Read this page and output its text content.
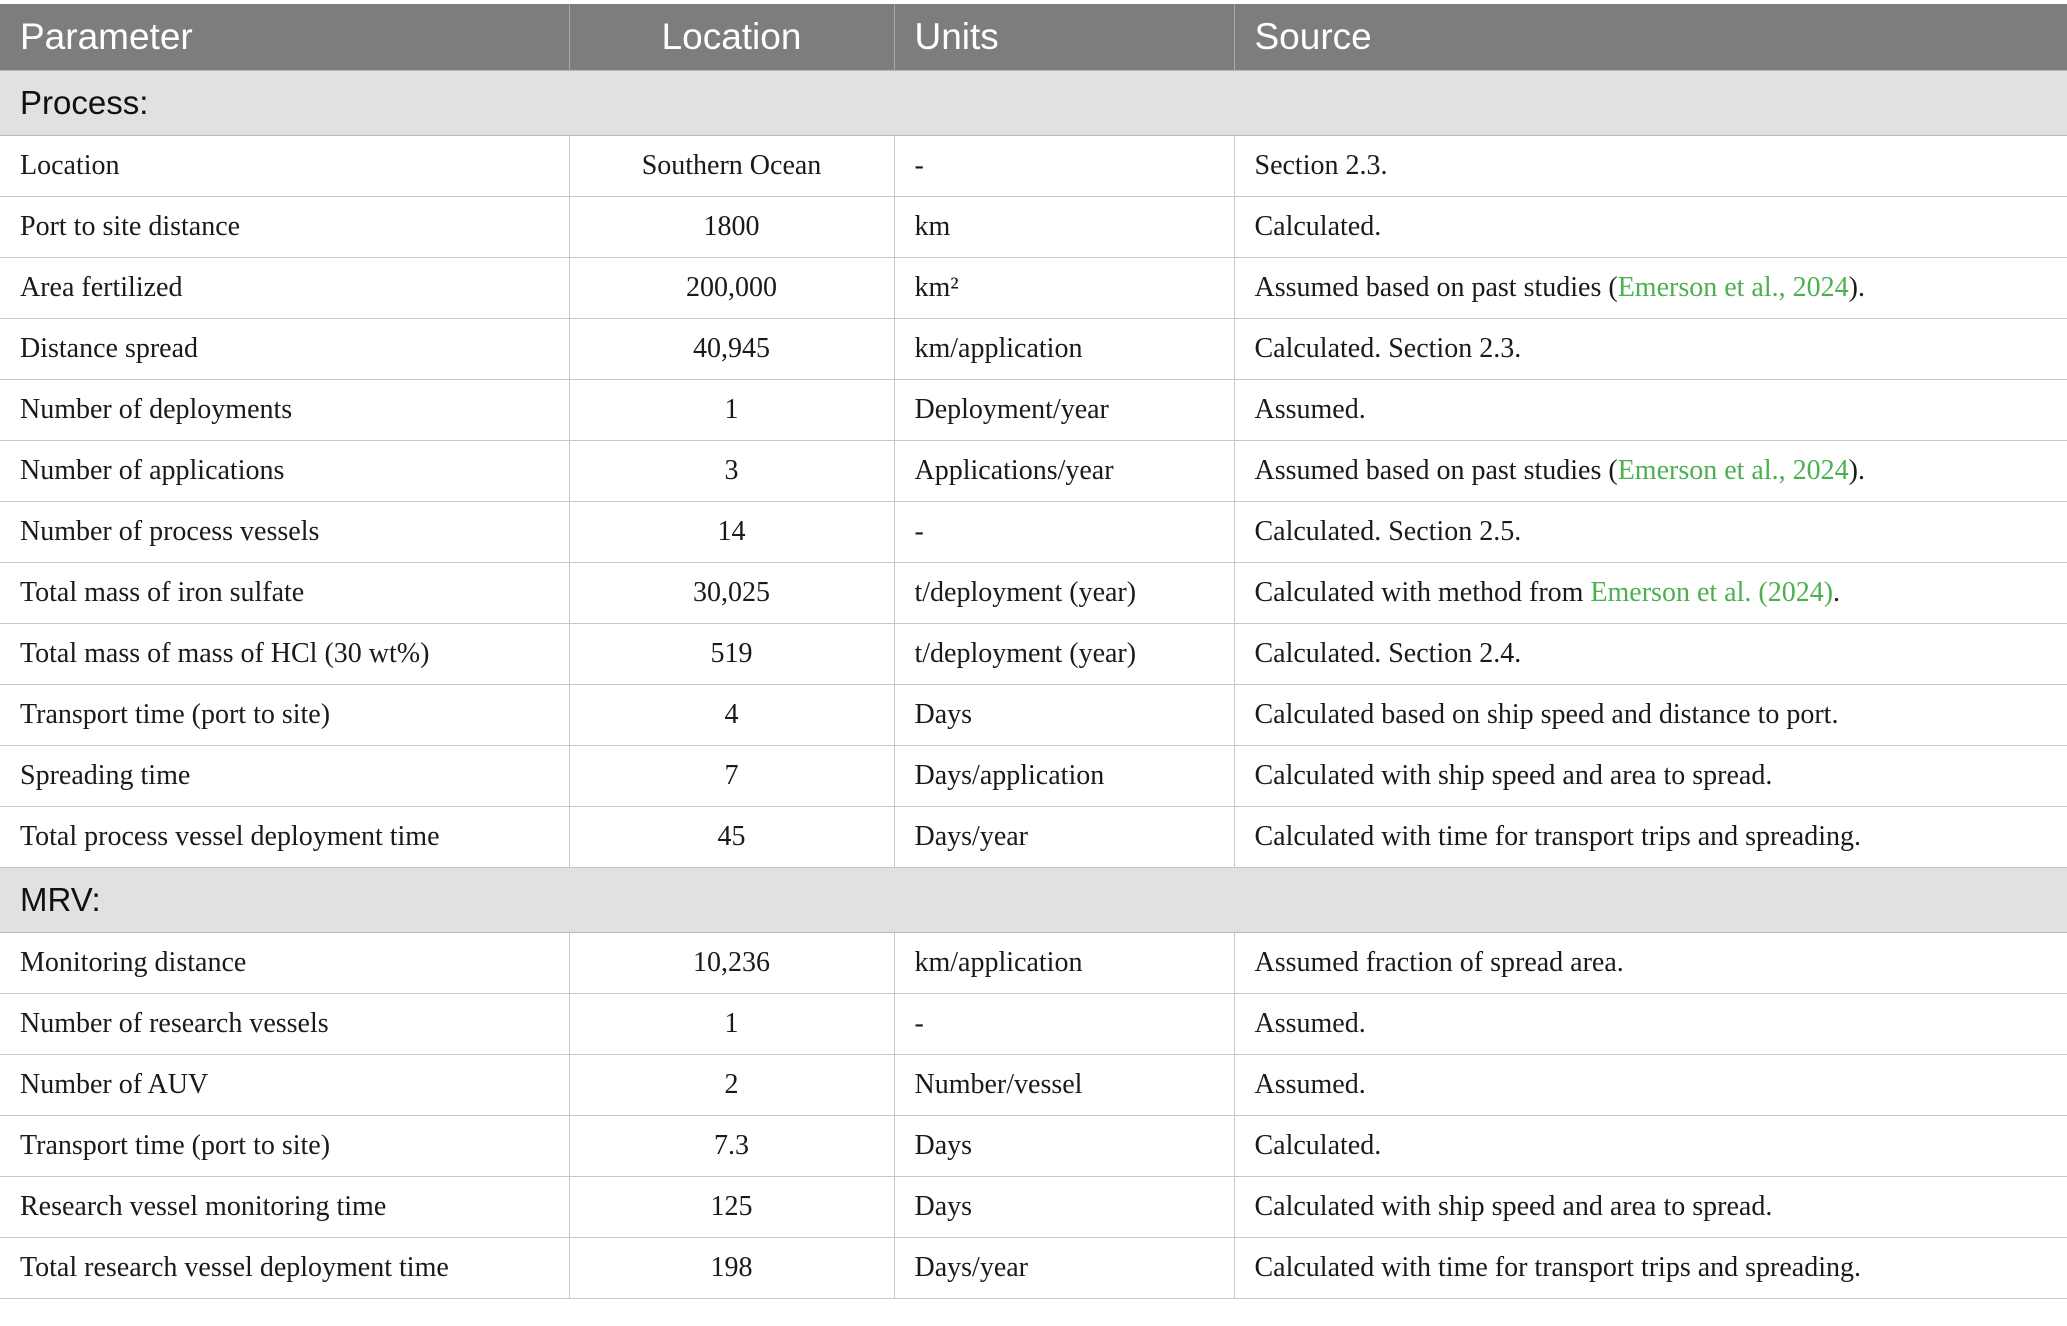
Parameter	Location	Units	Source
Process:			
Location	Southern Ocean	-	Section 2.3.
Port to site distance	1800	km	Calculated.
Area fertilized	200,000	km²	Assumed based on past studies (Emerson et al., 2024).
Distance spread	40,945	km/application	Calculated. Section 2.3.
Number of deployments	1	Deployment/year	Assumed.
Number of applications	3	Applications/year	Assumed based on past studies (Emerson et al., 2024).
Number of process vessels	14	-	Calculated. Section 2.5.
Total mass of iron sulfate	30,025	t/deployment (year)	Calculated with method from Emerson et al. (2024).
Total mass of mass of HCl (30 wt%)	519	t/deployment (year)	Calculated. Section 2.4.
Transport time (port to site)	4	Days	Calculated based on ship speed and distance to port.
Spreading time	7	Days/application	Calculated with ship speed and area to spread.
Total process vessel deployment time	45	Days/year	Calculated with time for transport trips and spreading.
MRV:			
Monitoring distance	10,236	km/application	Assumed fraction of spread area.
Number of research vessels	1	-	Assumed.
Number of AUV	2	Number/vessel	Assumed.
Transport time (port to site)	7.3	Days	Calculated.
Research vessel monitoring time	125	Days	Calculated with ship speed and area to spread.
Total research vessel deployment time	198	Days/year	Calculated with time for transport trips and spreading.
